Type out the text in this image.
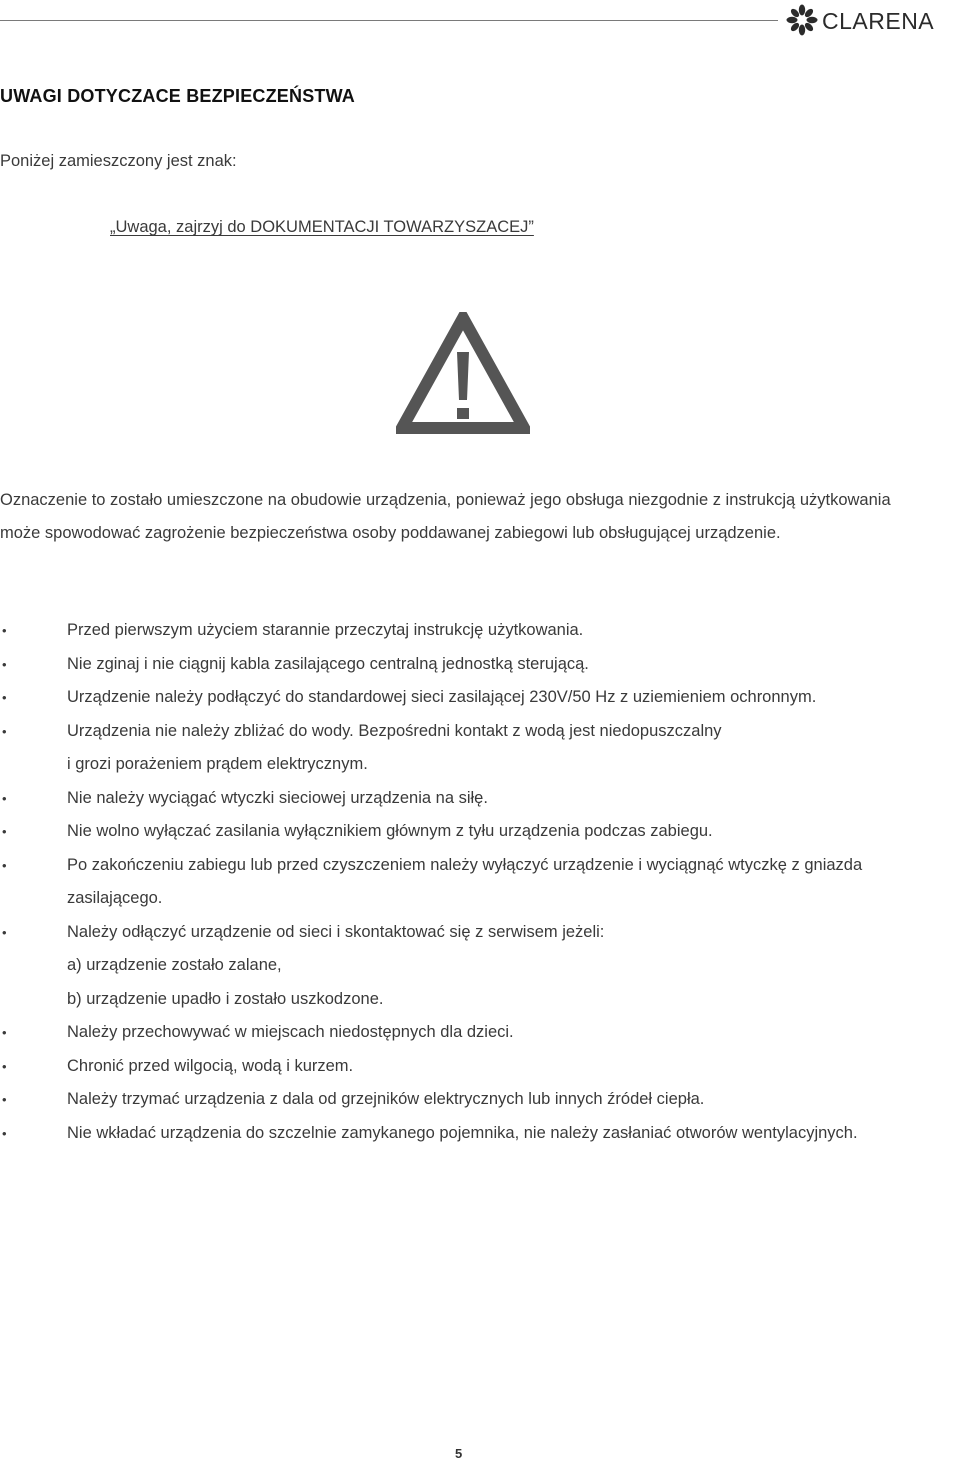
CLARENA
UWAGI DOTYCZACE BEZPIECZEŃSTWA
Poniżej zamieszczony jest znak:
„Uwaga, zajrzyj do DOKUMENTACJI TOWARZYSZACEJ”

Oznaczenie to zostało umieszczone na obudowie urządzenia, ponieważ jego obsługa niezgodnie z instrukcją użytkowania
może spowodować zagrożenie bezpieczeństwa osoby poddawanej zabiegowi lub obsługującej urządzenie.

•	Przed pierwszym użyciem starannie przeczytaj instrukcję użytkowania.
•	Nie zginaj i nie ciągnij kabla zasilającego centralną jednostką sterującą.
•	Urządzenie należy podłączyć do standardowej sieci zasilającej 230V/50 Hz z uziemieniem ochronnym.
•	Urządzenia nie należy zbliżać do wody. Bezpośredni kontakt z wodą jest niedopuszczalny
i grozi porażeniem prądem elektrycznym.
•	Nie należy wyciągać wtyczki sieciowej urządzenia na siłę.
•	Nie wolno wyłączać zasilania wyłącznikiem głównym z tyłu urządzenia podczas zabiegu.
•	Po zakończeniu zabiegu lub przed czyszczeniem należy wyłączyć urządzenie i wyciągnąć wtyczkę z gniazda
zasilającego.
•	Należy odłączyć urządzenie od sieci i skontaktować się z serwisem jeżeli:
a) urządzenie zostało zalane,
b) urządzenie upadło i zostało uszkodzone.
•	Należy przechowywać w miejscach niedostępnych dla dzieci.
•	Chronić przed wilgocią, wodą i kurzem.
•	Należy trzymać urządzenia z dala od grzejników elektrycznych lub innych źródeł ciepła.
•	Nie wkładać urządzenia do szczelnie zamykanego pojemnika, nie należy zasłaniać otworów wentylacyjnych.
5
